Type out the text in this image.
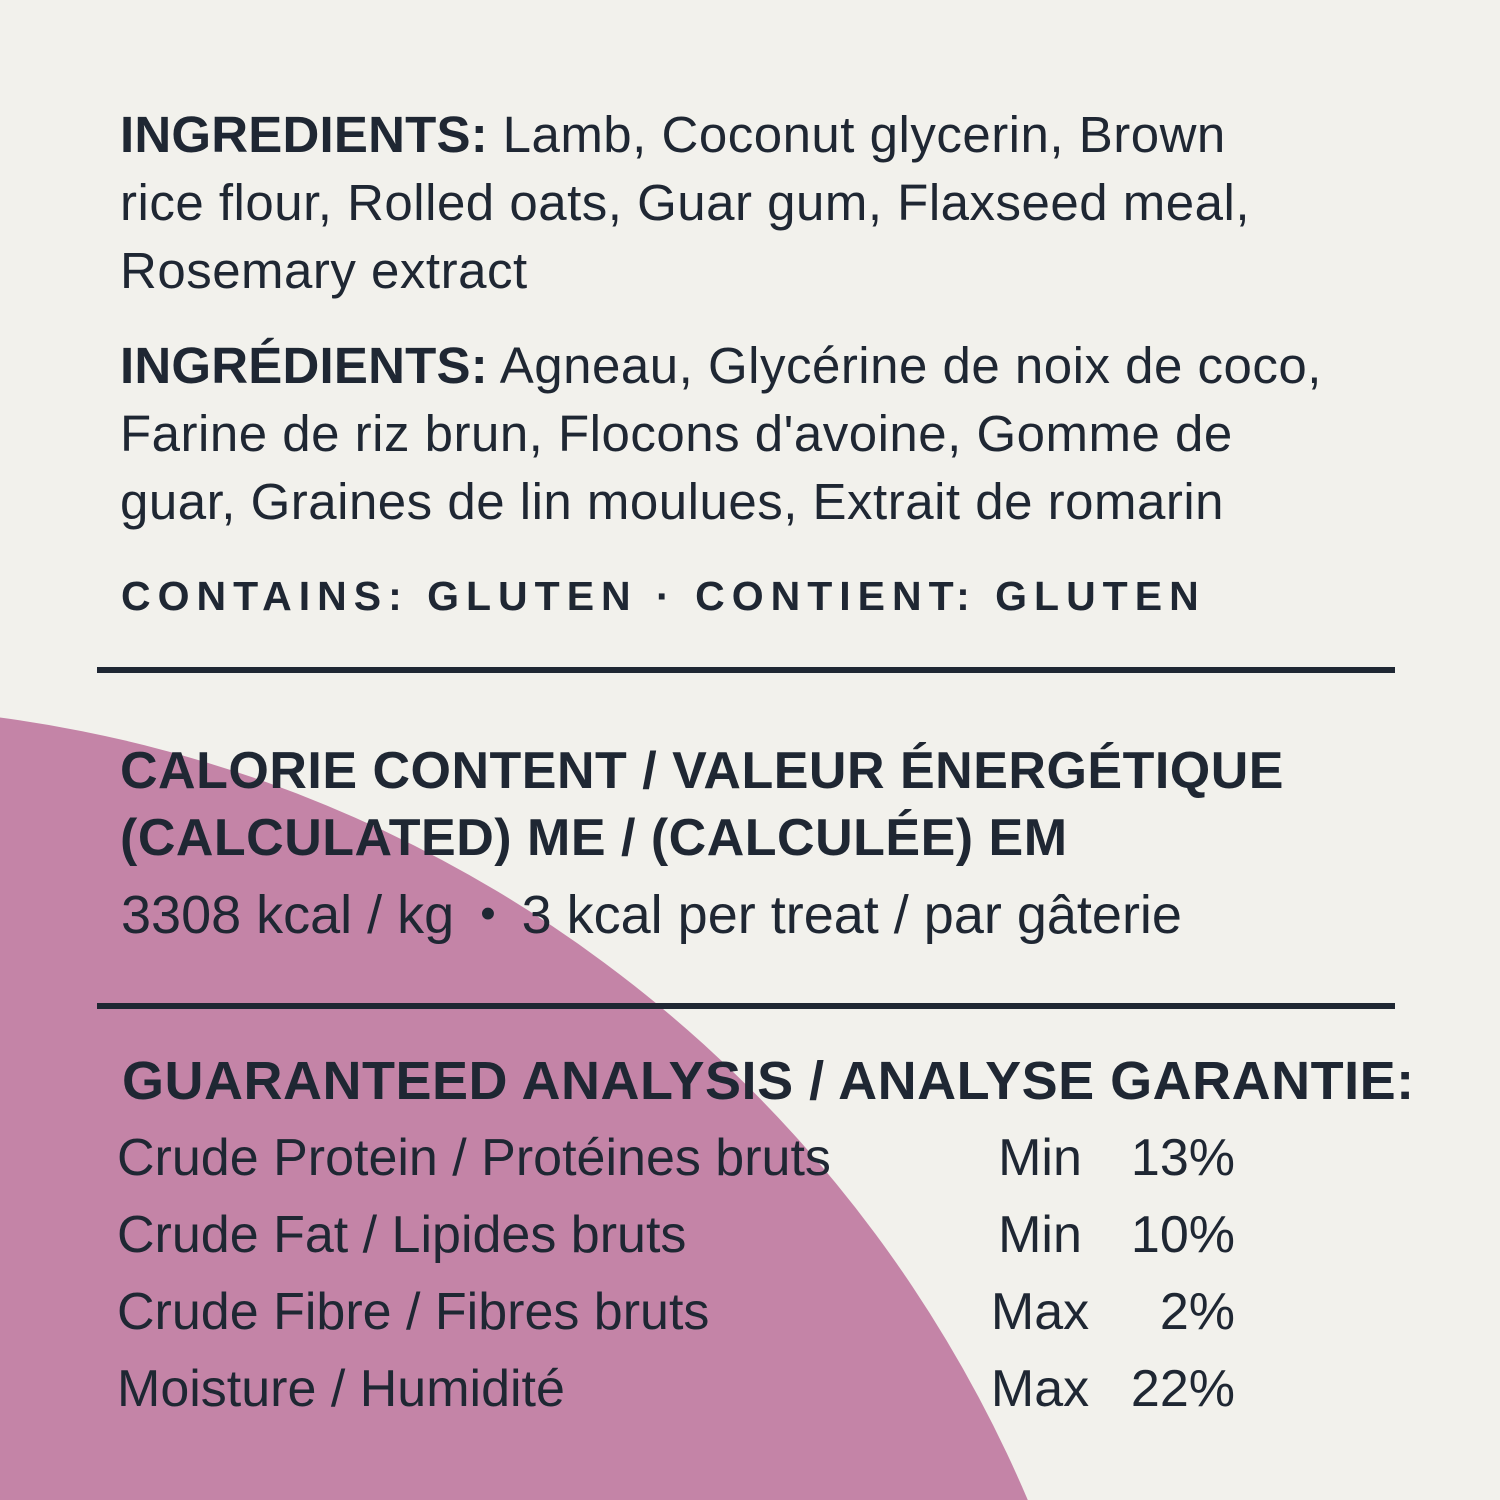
INGREDIENTS: Lamb, Coconut glycerin, Brown
rice flour, Rolled oats, Guar gum, Flaxseed meal,
Rosemary extract
INGRÉDIENTS: Agneau, Glycérine de noix de coco,
Farine de riz brun, Flocons d'avoine, Gomme de
guar, Graines de lin moulues, Extrait de romarin
CONTAINS: GLUTEN · CONTIENT: GLUTEN
CALORIE CONTENT / VALEUR ÉNERGÉTIQUE
(CALCULATED) ME / (CALCULÉE) EM
3308 kcal / kg • 3 kcal per treat / par gâterie
GUARANTEED ANALYSIS / ANALYSE GARANTIE:
Crude Protein / Protéines bruts	Min 13%
Crude Fat / Lipides bruts	Min 10%
Crude Fibre / Fibres bruts	Max	2%
Moisture / Humidité	Max 22%
